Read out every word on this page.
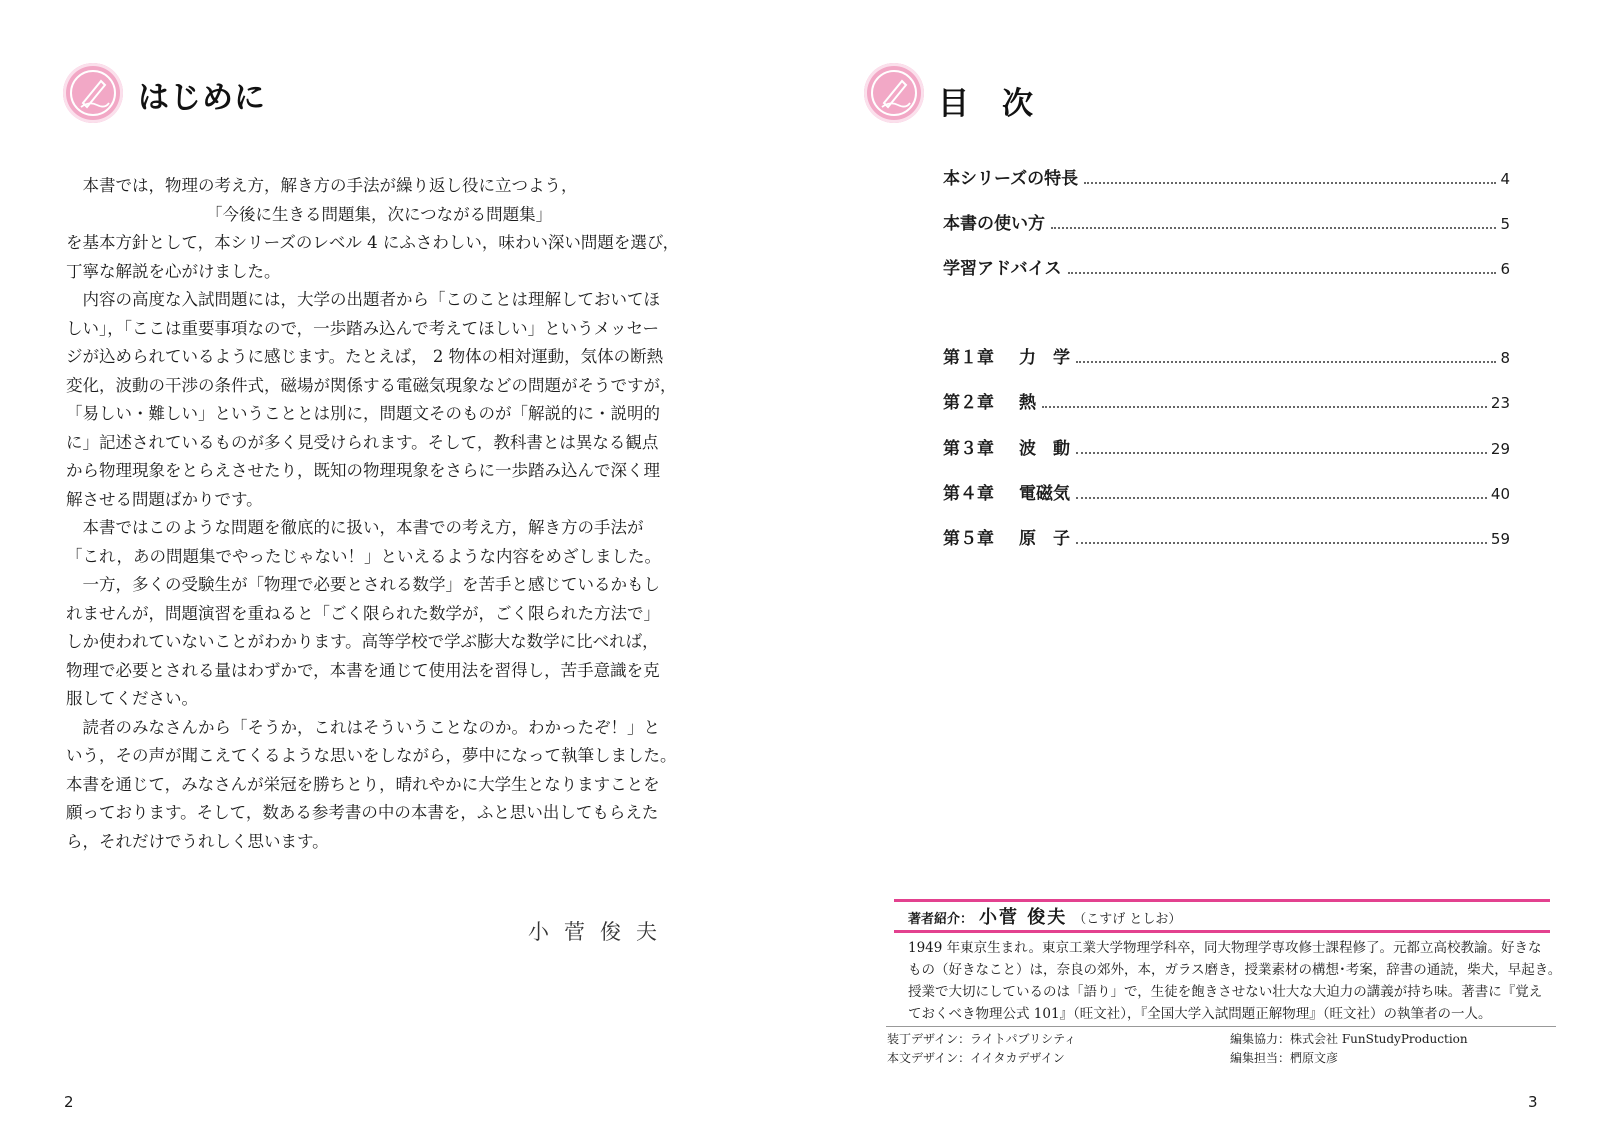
はじめに

　本書では，物理の考え方，解き方の手法が繰り返し役に立つよう，

「今後に生きる問題集，次につながる問題集」

を基本方針として，本シリーズのレベル 4 にふさわしい，味わい深い問題を選び，

丁寧な解説を心がけました。

　内容の高度な入試問題には，大学の出題者から「このことは理解しておいてほ

しい」，「ここは重要事項なので，一歩踏み込んで考えてほしい」というメッセー

ジが込められているように感じます。たとえば， 2 物体の相対運動，気体の断熱

変化，波動の干渉の条件式，磁場が関係する電磁気現象などの問題がそうですが，

「易しい・難しい」ということとは別に，問題文そのものが「解説的に・説明的

に」記述されているものが多く見受けられます。そして，教科書とは異なる観点

から物理現象をとらえさせたり，既知の物理現象をさらに一歩踏み込んで深く理

解させる問題ばかりです。

　本書ではこのような問題を徹底的に扱い，本書での考え方，解き方の手法が

「これ，あの問題集でやったじゃない！」といえるような内容をめざしました。

　一方，多くの受験生が「物理で必要とされる数学」を苦手と感じているかもし

れませんが，問題演習を重ねると「ごく限られた数学が，ごく限られた方法で」

しか使われていないことがわかります。高等学校で学ぶ膨大な数学に比べれば，

物理で必要とされる量はわずかで，本書を通じて使用法を習得し，苦手意識を克

服してください。

　読者のみなさんから「そうか，これはそういうことなのか。わかったぞ！」と

いう，その声が聞こえてくるような思いをしながら，夢中になって執筆しました。

本書を通じて，みなさんが栄冠を勝ちとり，晴れやかに大学生となりますことを

願っております。そして，数ある参考書の中の本書を，ふと思い出してもらえた

ら，それだけでうれしく思います。

小菅俊夫
2
目　次
本シリーズの特長	4
本書の使い方	5
学習アドバイス	6
第１章 力　学	8
第２章 熱	23
第３章 波　動	29
第４章 電磁気	40
第５章 原　子	59
著者紹介： 小菅 俊夫 （こすげ としお）
1949 年東京生まれ。東京工業大学物理学科卒，同大物理学専攻修士課程修了。元都立高校教諭。好きな
もの（好きなこと）は，奈良の郊外，本，ガラス磨き，授業素材の構想･考案，辞書の通読，柴犬，早起き。
授業で大切にしているのは「語り」で，生徒を飽きさせない壮大な大迫力の講義が持ち味。著書に『覚え
ておくべき物理公式 101』（旺文社），『全国大学入試問題正解物理』（旺文社）の執筆者の一人。
装丁デザイン：ライトパブリシティ
本文デザイン：イイタカデザイン
編集協力：株式会社 FunStudyProduction
編集担当：椚原文彦
3
